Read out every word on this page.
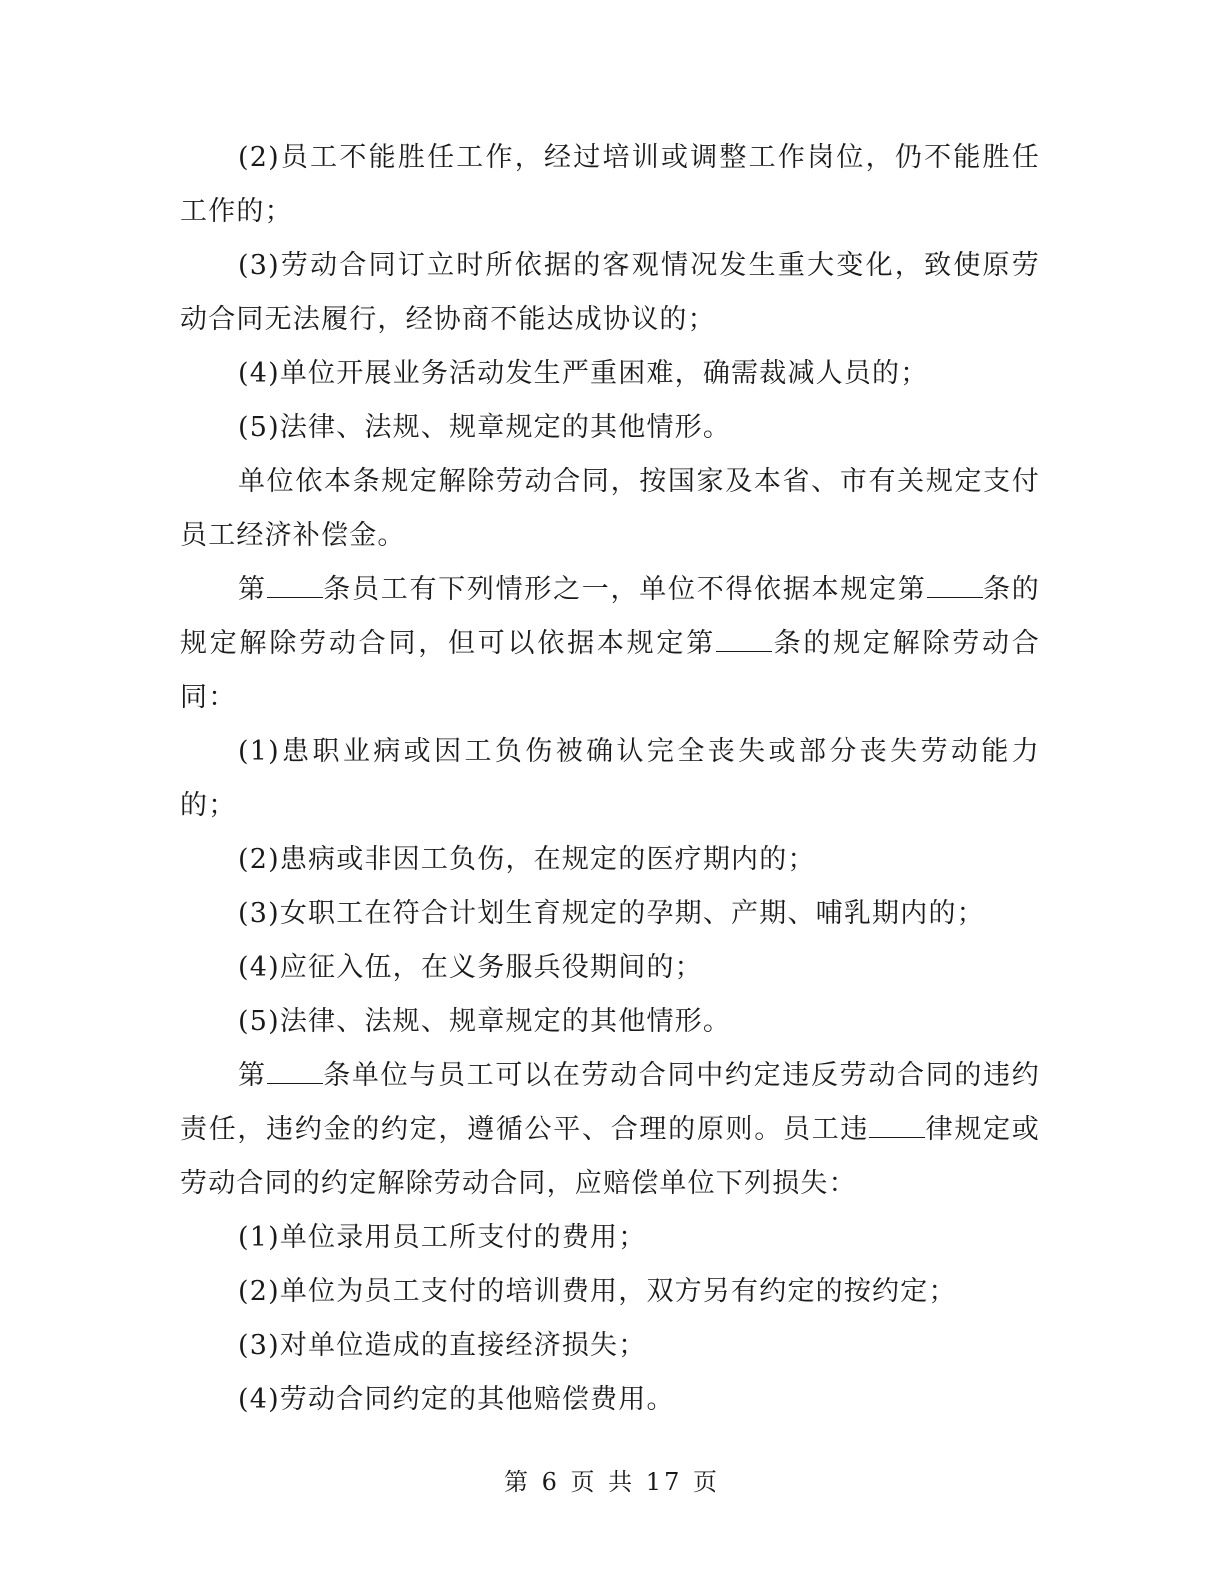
(2)员工不能胜任工作，经过培训或调整工作岗位，仍不能胜任工作的；

(3)劳动合同订立时所依据的客观情况发生重大变化，致使原劳动合同无法履行，经协商不能达成协议的；

(4)单位开展业务活动发生严重困难，确需裁减人员的；

(5)法律、法规、规章规定的其他情形。

单位依本条规定解除劳动合同，按国家及本省、市有关规定支付员工经济补偿金。

第 条员工有下列情形之一，单位不得依据本规定第 条的规定解除劳动合同，但可以依据本规定第 条的规定解除劳动合同：

(1)患职业病或因工负伤被确认完全丧失或部分丧失劳动能力的；

(2)患病或非因工负伤，在规定的医疗期内的；

(3)女职工在符合计划生育规定的孕期、产期、哺乳期内的；

(4)应征入伍，在义务服兵役期间的；

(5)法律、法规、规章规定的其他情形。

第 条单位与员工可以在劳动合同中约定违反劳动合同的违约责任，违约金的约定，遵循公平、合理的原则。员工违 律规定或劳动合同的约定解除劳动合同，应赔偿单位下列损失：

(1)单位录用员工所支付的费用；

(2)单位为员工支付的培训费用，双方另有约定的按约定；

(3)对单位造成的直接经济损失；

(4)劳动合同约定的其他赔偿费用。

第 6 页 共 17 页
